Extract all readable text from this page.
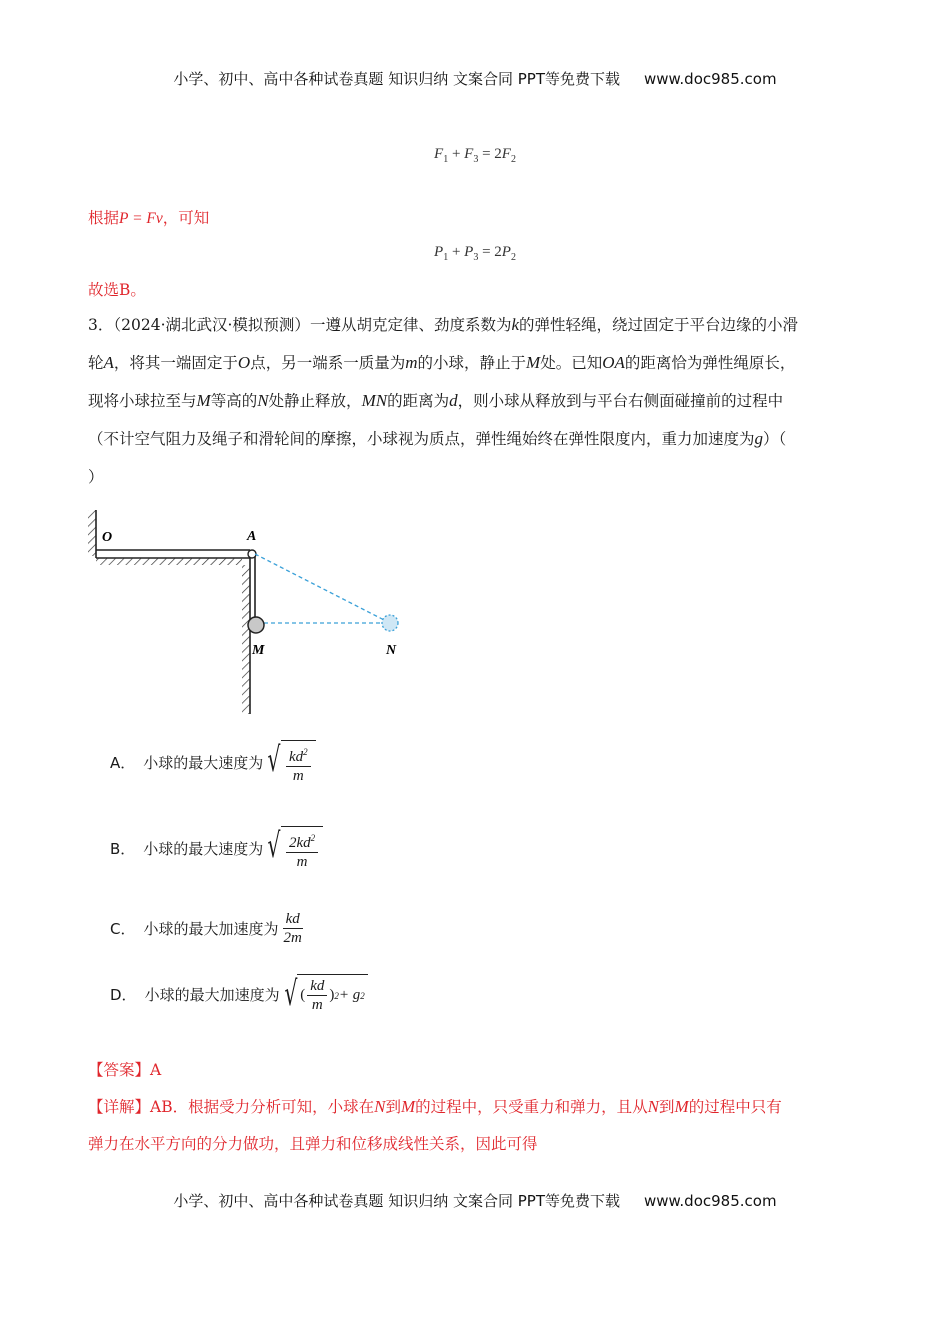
小学、初中、高中各种试卷真题 知识归纳 文案合同 PPT等免费下载 www.doc985.com
$F_1 + F_3 = 2F_2$
根据P = Fv，可知
$P_1 + P_3 = 2P_2$
故选B。
3．（2024·湖北武汉·模拟预测）一遵从胡克定律、劲度系数为k的弹性轻绳，绕过固定于平台边缘的小滑
轮A，将其一端固定于O点，另一端系一质量为m的小球，静止于M处。已知OA的距离恰为弹性绳原长，
现将小球拉至与M等高的N处静止释放，MN的距离为d，则小球从释放到与平台右侧面碰撞前的过程中
（不计空气阻力及绳子和滑轮间的摩擦，小球视为质点，弹性绳始终在弹性限度内，重力加速度为g）（
）
O	A
M	N
A． 小球的最大速度为 √ $\frac{kd^2}{m}$
B． 小球的最大速度为 √ $\frac{2kd^2}{m}$
C． 小球的最大加速度为 $\frac{kd}{2m}$
D． 小球的最大加速度为 √ ( $\frac{kd}{m}$ ) 2 + g 2
【答案】A
【详解】AB．根据受力分析可知，小球在N到M的过程中，只受重力和弹力，且从N到M的过程中只有
弹力在水平方向的分力做功，且弹力和位移成线性关系，因此可得
小学、初中、高中各种试卷真题 知识归纳 文案合同 PPT等免费下载 www.doc985.com
